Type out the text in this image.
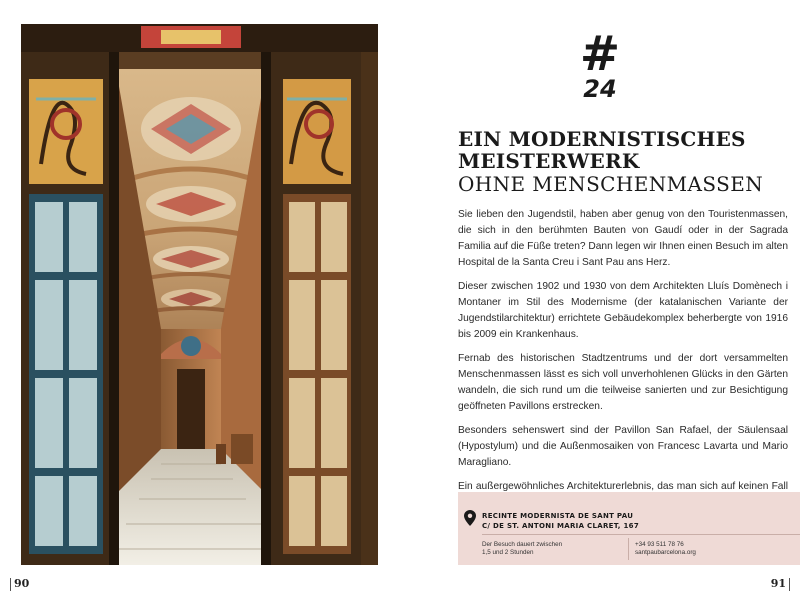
90
#
24
EIN MODERNISTISCHES
MEISTERWERK
OHNE MENSCHENMASSEN

Sie lieben den Jugendstil, haben aber genug von den Touristenmassen, die sich in den berühmten Bauten von Gaudí oder in der Sagrada Familia auf die Füße treten? Dann legen wir Ihnen einen Besuch im alten Hospital de la Santa Creu i Sant Pau ans Herz.

Dieser zwischen 1902 und 1930 von dem Architekten Lluís Domènech i Montaner im Stil des Modernisme (der katalanischen Variante der Jugendstilarchitektur) errichtete Gebäudekomplex beherbergte von 1916 bis 2009 ein Krankenhaus.

Fernab des historischen Stadtzentrums und der dort versammelten Menschenmassen lässt es sich voll unverhohlenen Glücks in den Gärten wandeln, die sich rund um die teilweise sanierten und zur Besichtigung geöffneten Pavillons erstrecken.

Besonders sehenswert sind der Pavillon San Rafael, der Säulensaal (Hypostylum) und die Außenmosaiken von Francesc Lavarta und Mario Maragliano.

Ein außergewöhnliches Architekturerlebnis, das man sich auf keinen Fall

RECINTE MODERNISTA DE SANT PAU
C/ DE ST. ANTONI MARIA CLARET, 167
Der Besuch dauert zwischen
1,5 und 2 Stunden
+34 93 511 78 76
santpaubarcelona.org
91
